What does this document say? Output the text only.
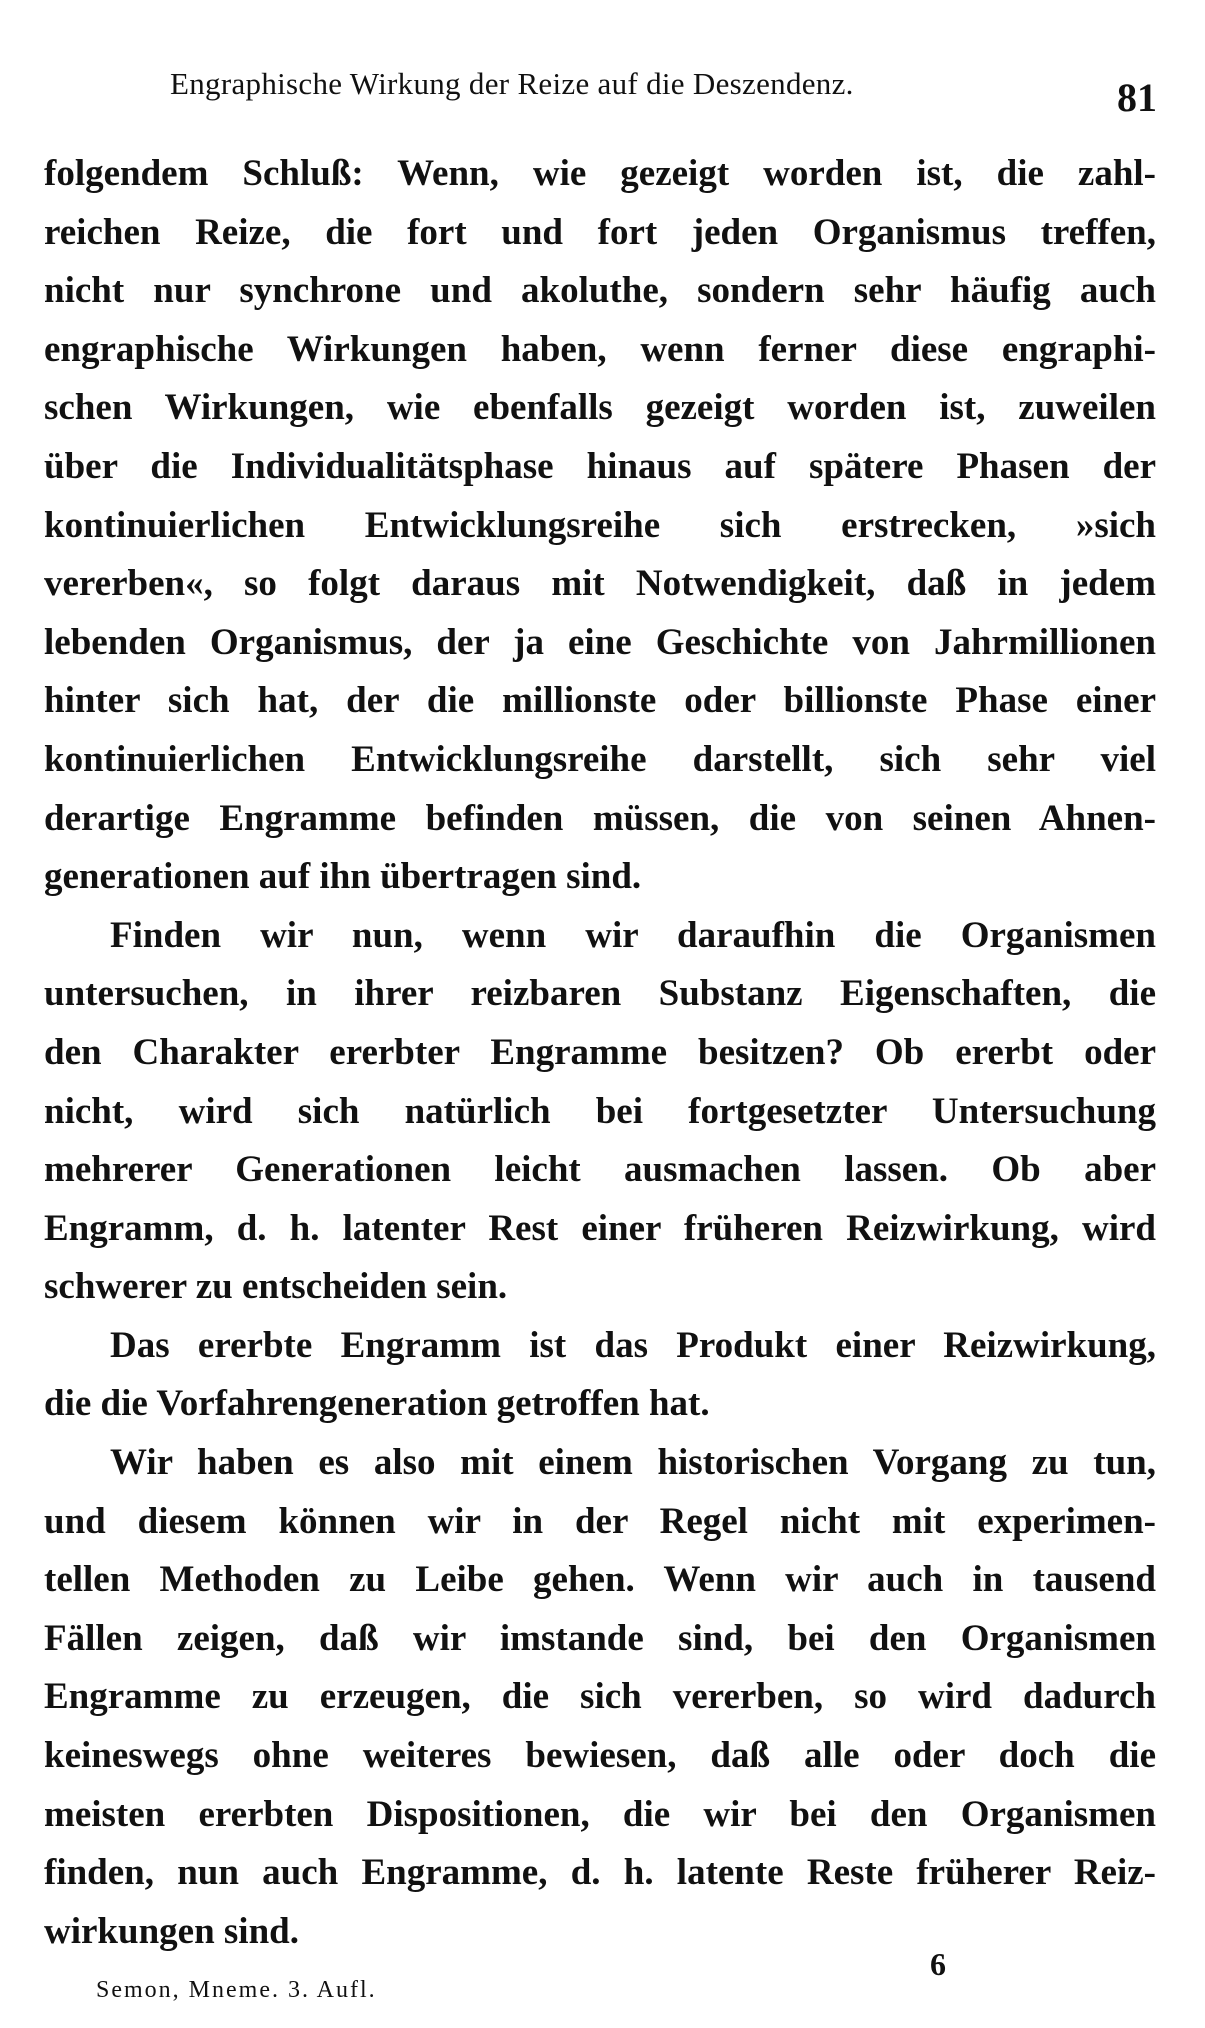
Engraphische Wirkung der Reize auf die Deszendenz.	81
folgendem Schluß: Wenn, wie gezeigt worden ist, die zahl-
reichen Reize, die fort und fort jeden Organismus treffen,
nicht nur synchrone und akoluthe, sondern sehr häufig auch
engraphische Wirkungen haben, wenn ferner diese engraphi-
schen Wirkungen, wie ebenfalls gezeigt worden ist, zuweilen
über die Individualitätsphase hinaus auf spätere Phasen der
kontinuierlichen Entwicklungsreihe sich erstrecken, »sich
vererben«, so folgt daraus mit Notwendigkeit, daß in jedem
lebenden Organismus, der ja eine Geschichte von Jahrmillionen
hinter sich hat, der die millionste oder billionste Phase einer
kontinuierlichen Entwicklungsreihe darstellt, sich sehr viel
derartige Engramme befinden müssen, die von seinen Ahnen-
generationen auf ihn übertragen sind.
Finden wir nun, wenn wir daraufhin die Organismen
untersuchen, in ihrer reizbaren Substanz Eigenschaften, die
den Charakter ererbter Engramme besitzen? Ob ererbt oder
nicht, wird sich natürlich bei fortgesetzter Untersuchung
mehrerer Generationen leicht ausmachen lassen. Ob aber
Engramm, d. h. latenter Rest einer früheren Reizwirkung, wird
schwerer zu entscheiden sein.
Das ererbte Engramm ist das Produkt einer Reizwirkung,
die die Vorfahrengeneration getroffen hat.
Wir haben es also mit einem historischen Vorgang zu tun,
und diesem können wir in der Regel nicht mit experimen-
tellen Methoden zu Leibe gehen. Wenn wir auch in tausend
Fällen zeigen, daß wir imstande sind, bei den Organismen
Engramme zu erzeugen, die sich vererben, so wird dadurch
keineswegs ohne weiteres bewiesen, daß alle oder doch die
meisten ererbten Dispositionen, die wir bei den Organismen
finden, nun auch Engramme, d. h. latente Reste früherer Reiz-
wirkungen sind.
Semon, Mneme. 3. Aufl.
6
